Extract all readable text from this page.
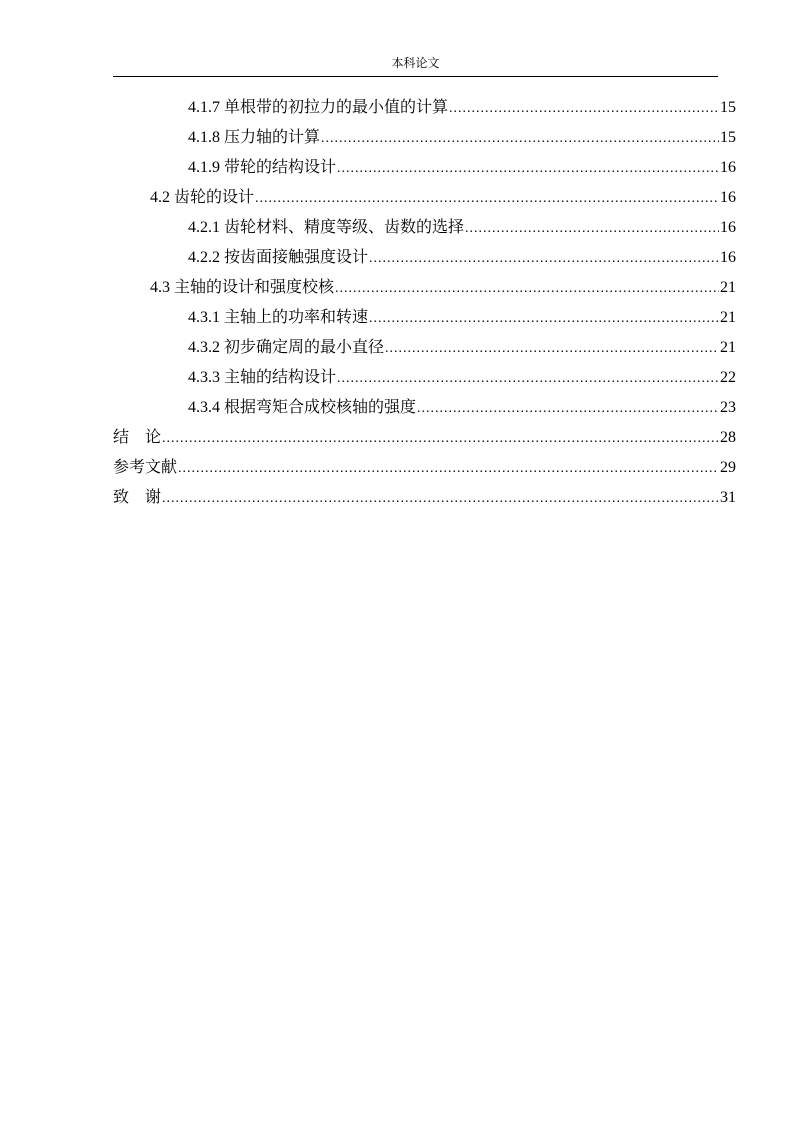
本科论文
4.1.7 单根带的初拉力的最小值的计算 .....	15
4.1.8 压力轴的计算 .....	15
4.1.9 带轮的结构设计 .....	16
4.2 齿轮的设计 .....	16
4.2.1 齿轮材料、精度等级、齿数的选择 .....	16
4.2.2 按齿面接触强度设计 .....	16
4.3 主轴的设计和强度校核 .....	21
4.3.1 主轴上的功率和转速 .....	21
4.3.2 初步确定周的最小直径 .....	21
4.3.3 主轴的结构设计 .....	22
4.3.4 根据弯矩合成校核轴的强度 .....	23
结    论 .....	28
参考文献 .....	29
致    谢 .....	31
